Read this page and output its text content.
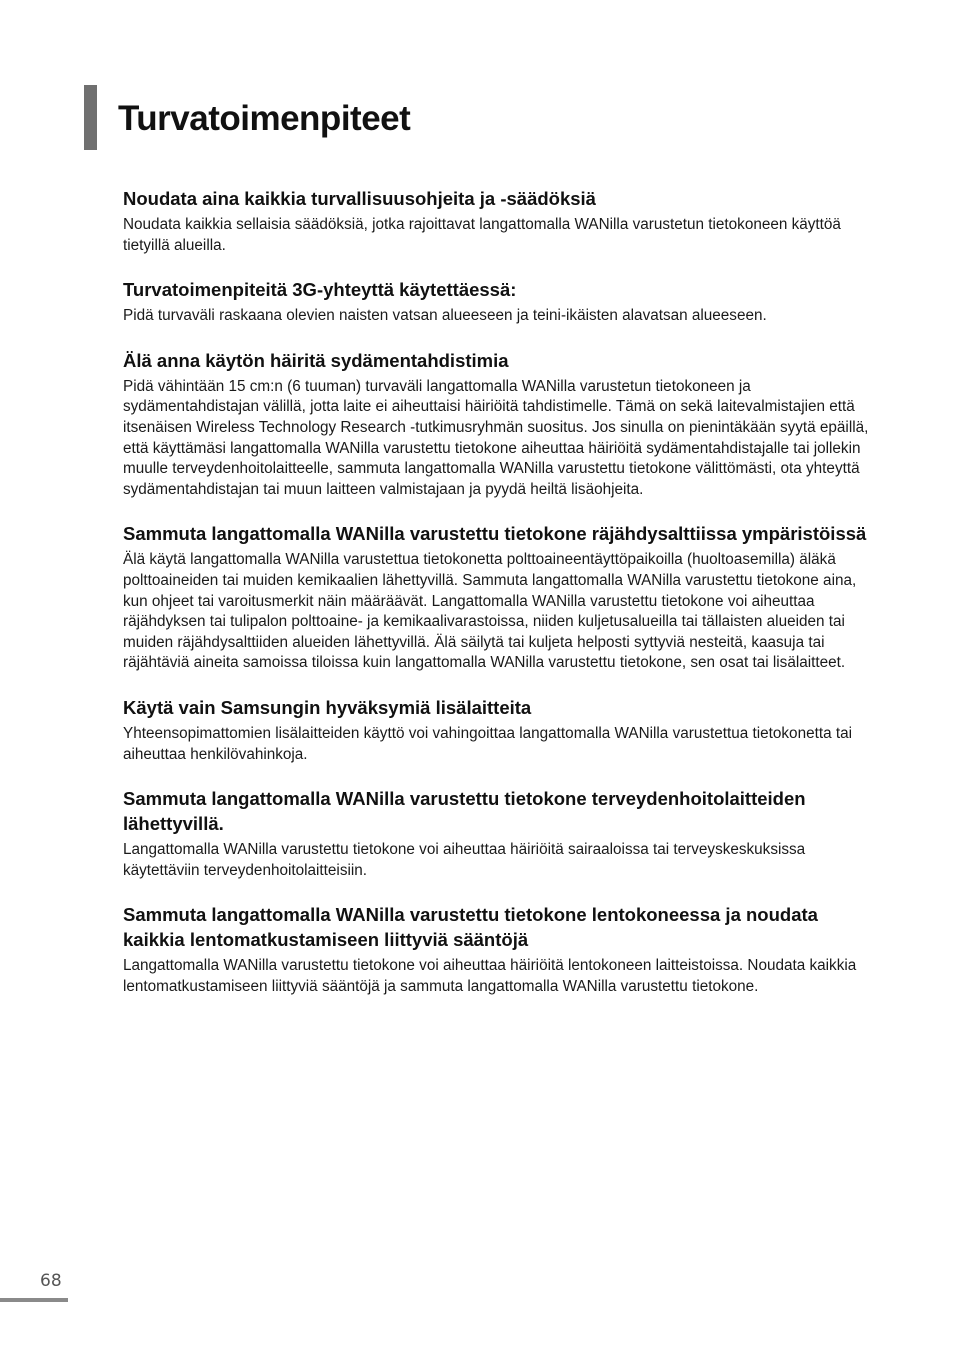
Turvatoimenpiteet
Noudata aina kaikkia turvallisuusohjeita ja -säädöksiä

Noudata kaikkia sellaisia säädöksiä, jotka rajoittavat langattomalla WANilla varustetun tietokoneen käyttöä tietyillä alueilla.

Turvatoimenpiteitä 3G-yhteyttä käytettäessä:

Pidä turvaväli raskaana olevien naisten vatsan alueeseen ja teini-ikäisten alavatsan alueeseen.

Älä anna käytön häiritä sydämentahdistimia

Pidä vähintään 15 cm:n (6 tuuman) turvaväli langattomalla WANilla varustetun tietokoneen ja sydämentahdistajan välillä, jotta laite ei aiheuttaisi häiriöitä tahdistimelle. Tämä on sekä laitevalmistajien että itsenäisen Wireless Technology Research -tutkimusryhmän suositus. Jos sinulla on pienintäkään syytä epäillä, että käyttämäsi langattomalla WANilla varustettu tietokone aiheuttaa häiriöitä sydämentahdistajalle tai jollekin muulle terveydenhoitolaitteelle, sammuta langattomalla WANilla varustettu tietokone välittömästi, ota yhteyttä sydämentahdistajan tai muun laitteen valmistajaan ja pyydä heiltä lisäohjeita.

Sammuta langattomalla WANilla varustettu tietokone räjähdysalttiissa ympäristöissä

Älä käytä langattomalla WANilla varustettua tietokonetta polttoaineentäyttöpaikoilla (huoltoasemilla) äläkä polttoaineiden tai muiden kemikaalien lähettyvillä. Sammuta langattomalla WANilla varustettu tietokone aina, kun ohjeet tai varoitusmerkit näin määräävät. Langattomalla WANilla varustettu tietokone voi aiheuttaa räjähdyksen tai tulipalon polttoaine- ja kemikaalivarastoissa, niiden kuljetusalueilla tai tällaisten alueiden tai muiden räjähdysalttiiden alueiden lähettyvillä. Älä säilytä tai kuljeta helposti syttyviä nesteitä, kaasuja tai räjähtäviä aineita samoissa tiloissa kuin langattomalla WANilla varustettu tietokone, sen osat tai lisälaitteet.

Käytä vain Samsungin hyväksymiä lisälaitteita

Yhteensopimattomien lisälaitteiden käyttö voi vahingoittaa langattomalla WANilla varustettua tietokonetta tai aiheuttaa henkilövahinkoja.

Sammuta langattomalla WANilla varustettu tietokone terveydenhoitolaitteiden lähettyvillä.

Langattomalla WANilla varustettu tietokone voi aiheuttaa häiriöitä sairaaloissa tai terveyskeskuksissa käytettäviin terveydenhoitolaitteisiin.

Sammuta langattomalla WANilla varustettu tietokone lentokoneessa ja noudata kaikkia lentomatkustamiseen liittyviä sääntöjä

Langattomalla WANilla varustettu tietokone voi aiheuttaa häiriöitä lentokoneen laitteistoissa. Noudata kaikkia lentomatkustamiseen liittyviä sääntöjä ja sammuta langattomalla WANilla varustettu tietokone.

68
